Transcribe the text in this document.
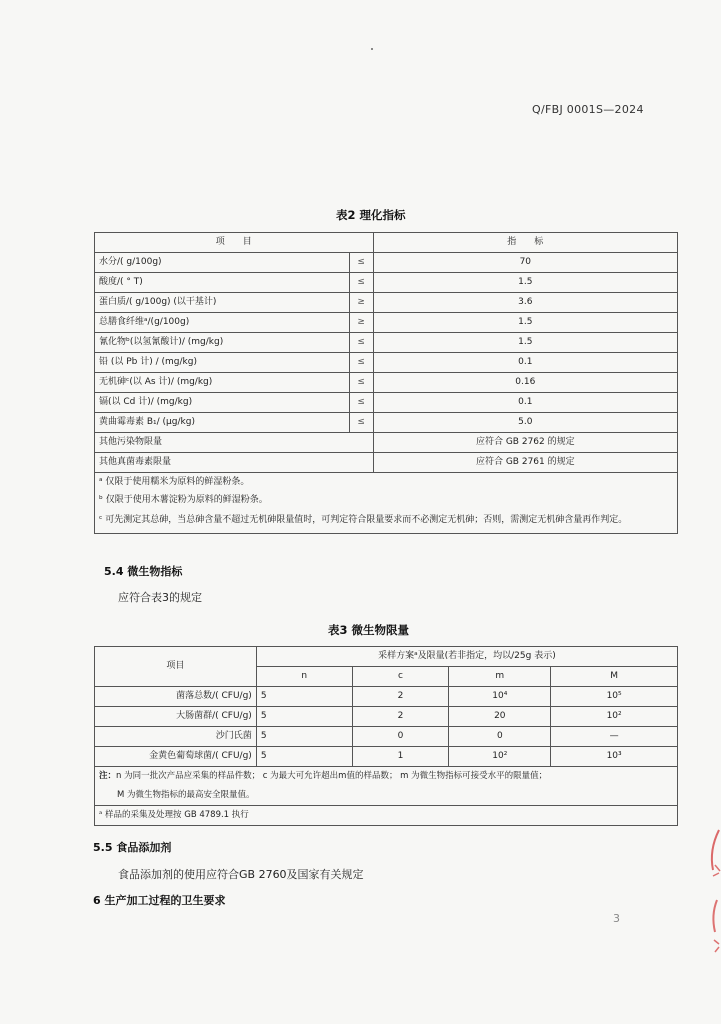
Q/FBJ 0001S—2024
表2 理化指标
项　　目		指　　标
水分/( g/100g)	≤	70
酸度/( ° T)	≤	1.5
蛋白质/( g/100g) (以干基计)	≥	3.6
总膳食纤维ᵃ/(g/100g)	≥	1.5
氰化物ᵇ(以氢氰酸计)/ (mg/kg)	≤	1.5
铅 (以 Pb 计) / (mg/kg)	≤	0.1
无机砷ᶜ(以 As 计)/ (mg/kg)	≤	0.16
镉(以 Cd 计)/ (mg/kg)	≤	0.1
黄曲霉毒素 B₁/ (μg/kg)	≤	5.0
其他污染物限量		应符合 GB 2762 的规定
其他真菌毒素限量		应符合 GB 2761 的规定
ᵃ 仅限于使用糯米为原料的鲜湿粉条。		
ᵇ 仅限于使用木薯淀粉为原料的鲜湿粉条。		
ᶜ 可先测定其总砷，当总砷含量不超过无机砷限量值时，可判定符合限量要求而不必测定无机砷；否则，需测定无机砷含量再作判定。		
5.4 微生物指标
应符合表3的规定
表3 微生物限量
项目	采样方案ᵃ及限量(若非指定，均以/25g 表示)			
	n	c	m	M
菌落总数/( CFU/g)	5	2	10⁴	10⁵
大肠菌群/( CFU/g)	5	2	20	10²
沙门氏菌	5	0	0	—
金黄色葡萄球菌/( CFU/g)	5	1	10²	10³
注：n 为同一批次产品应采集的样品件数； c 为最大可允许超出m值的样品数； m 为微生物指标可接受水平的限量值；				
M 为微生物指标的最高安全限量值。				
ᵃ 样品的采集及处理按 GB 4789.1 执行				
5.5 食品添加剂
食品添加剂的使用应符合GB 2760及国家有关规定
6 生产加工过程的卫生要求
3
